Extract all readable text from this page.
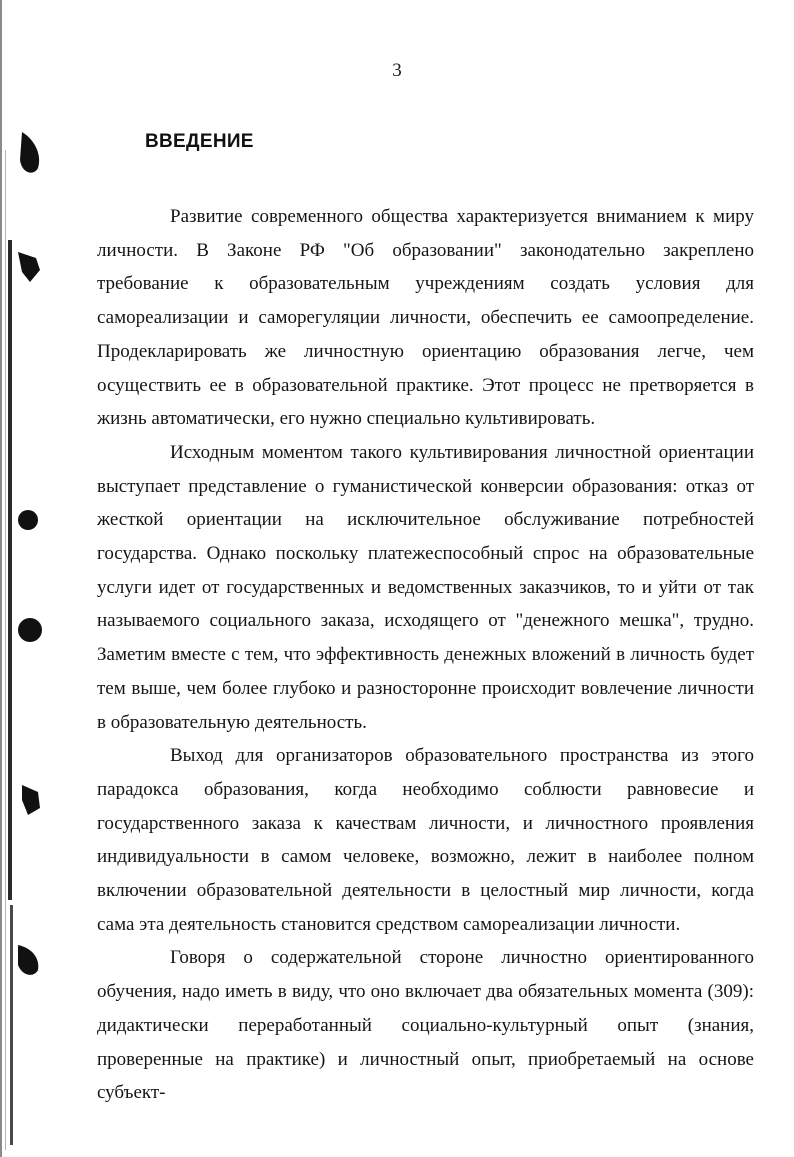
3
ВВЕДЕНИЕ

Развитие современного общества характеризуется вниманием к миру личности. В Законе РФ "Об образовании" законодательно закреплено требование к образовательным учреждениям создать условия для самореализации и саморегуляции личности, обеспечить ее самоопределение. Продекларировать же личностную ориентацию образования легче, чем осуществить ее в образовательной практике. Этот процесс не претворяется в жизнь автоматически, его нужно специально культивировать.

Исходным моментом такого культивирования личностной ориентации выступает представление о гуманистической конверсии образования: отказ от жесткой ориентации на исключительное обслуживание потребностей государства. Однако поскольку платежеспособный спрос на образовательные услуги идет от государственных и ведомственных заказчиков, то и уйти от так называемого социального заказа, исходящего от "денежного мешка", трудно. Заметим вместе с тем, что эффективность денежных вложений в личность будет тем выше, чем более глубоко и разносторонне происходит вовлечение личности в образовательную деятельность.

Выход для организаторов образовательного пространства из этого парадокса образования, когда необходимо соблюсти равновесие и государственного заказа к качествам личности, и личностного проявления индивидуальности в самом человеке, возможно, лежит в наиболее полном включении образовательной деятельности в целостный мир личности, когда сама эта деятельность становится средством самореализации личности.

Говоря о содержательной стороне личностно ориентированного обучения, надо иметь в виду, что оно включает два обязательных момента (309): дидактически переработанный социально-культурный опыт (знания, проверенные на практике) и личностный опыт, приобретаемый на основе субъект-
